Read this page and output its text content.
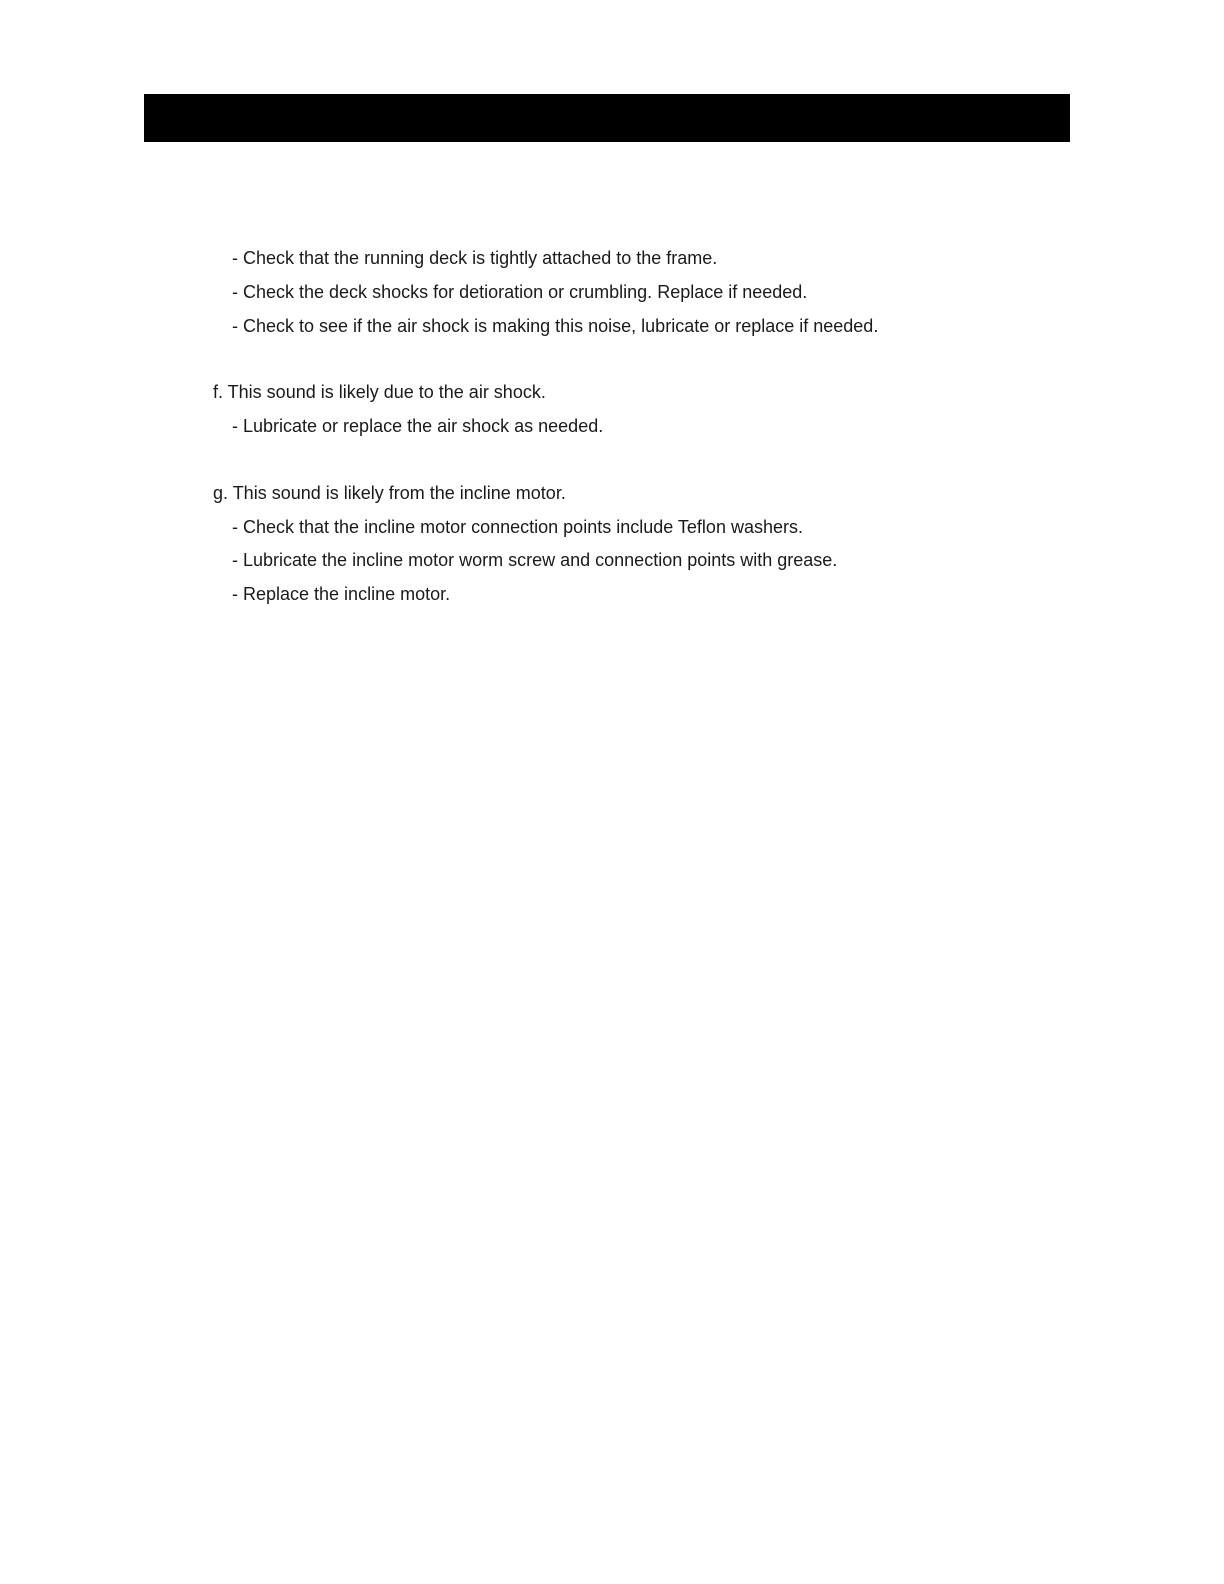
- Check that the running deck is tightly attached to the frame.
- Check the deck shocks for detioration or crumbling. Replace if needed.
- Check to see if the air shock is making this noise, lubricate or replace if needed.
f. This sound is likely due to the air shock.
- Lubricate or replace the air shock as needed.
g. This sound is likely from the incline motor.
- Check that the incline motor connection points include Teflon washers.
- Lubricate the incline motor worm screw and connection points with grease.
- Replace the incline motor.
